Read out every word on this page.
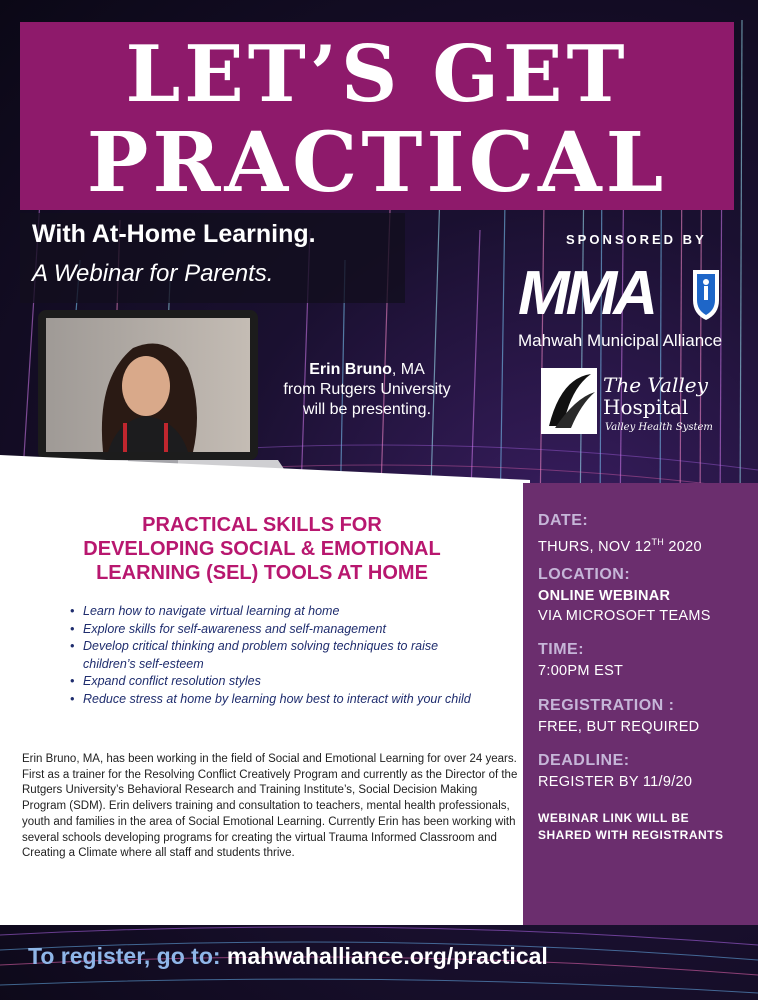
LET’S GET
PRACTICAL
With At-Home Learning.
A Webinar for Parents.
SPONSORED BY
MMA
Mahwah Municipal Alliance
The Valley
Hospital
Valley Health System
Erin Bruno, MA
from Rutgers University
will be presenting.
PRACTICAL SKILLS FOR
DEVELOPING SOCIAL & EMOTIONAL
LEARNING (SEL) TOOLS AT HOME
• Learn how to navigate virtual learning at home
• Explore skills for self-awareness and self-management
• Develop critical thinking and problem solving techniques to raise children’s self-esteem
• Expand conflict resolution styles
• Reduce stress at home by learning how best to interact with your child
Erin Bruno, MA, has been working in the field of Social and Emotional Learning for over 24 years. First as a trainer for the Resolving Conflict Creatively Program and currently as the Director of the Rutgers University’s Behavioral Research and Training Institute’s, Social Decision Making Program (SDM). Erin delivers training and consultation to teachers, mental health professionals, youth and families in the area of Social Emotional Learning. Currently Erin has been working with several schools developing programs for creating the virtual Trauma Informed Classroom and Creating a Climate where all staff and students thrive.
DATE:
THURS, NOV 12TH 2020
LOCATION:
ONLINE WEBINAR
VIA MICROSOFT TEAMS
TIME:
7:00PM EST
REGISTRATION :
FREE, BUT REQUIRED
DEADLINE:
REGISTER BY 11/9/20
WEBINAR LINK WILL BE
SHARED WITH REGISTRANTS
To register, go to: mahwahalliance.org/practical
